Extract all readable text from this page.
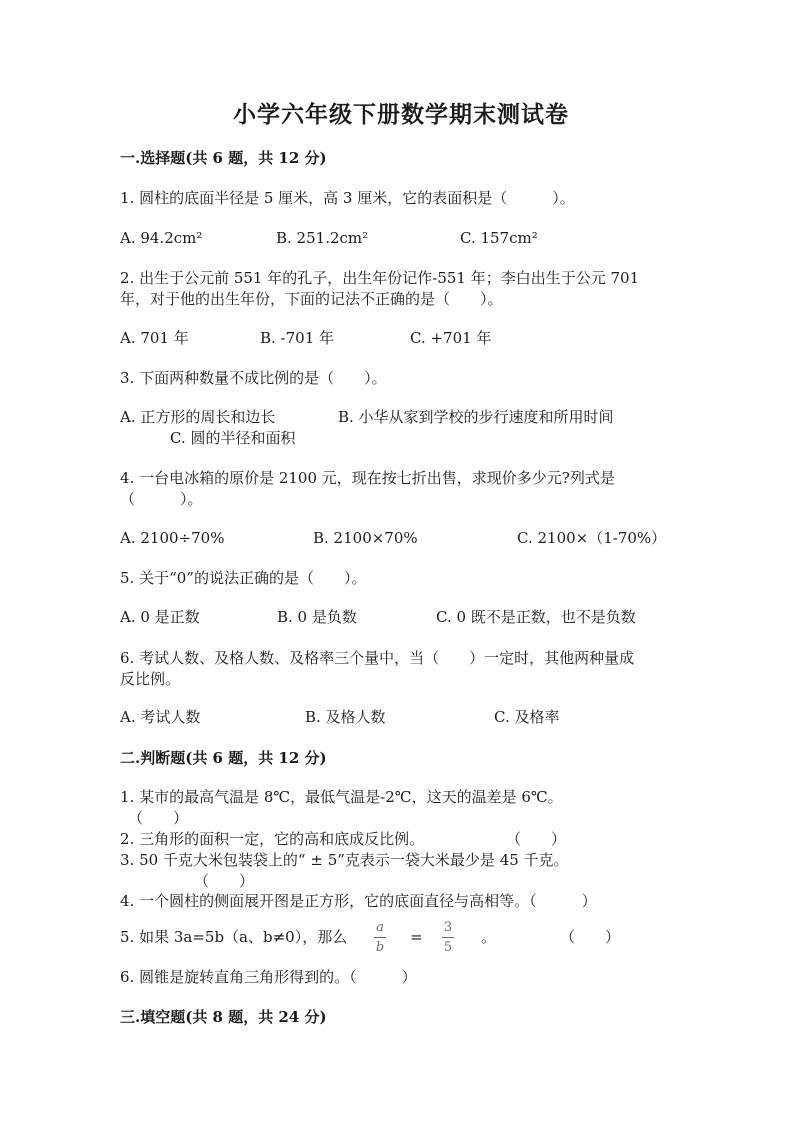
小学六年级下册数学期末测试卷
一.选择题(共 6 题，共 12 分)
1. 圆柱的底面半径是 5 厘米，高 3 厘米，它的表面积是（　　　）。
A. 94.2cm²	B. 251.2cm²	C. 157cm²
2. 出生于公元前 551 年的孔子，出生年份记作-551 年；李白出生于公元 701
年，对于他的出生年份，下面的记法不正确的是（　　）。
A. 701 年	B. -701 年	C. +701 年
3. 下面两种数量不成比例的是（　　）。
A. 正方形的周长和边长	B. 小华从家到学校的步行速度和所用时间
C. 圆的半径和面积
4. 一台电冰箱的原价是 2100 元，现在按七折出售，求现价多少元?列式是
（　　　）。
A. 2100÷70%	B. 2100×70%	C. 2100×（1-70%）
5. 关于“0”的说法正确的是（　　）。
A. 0 是正数	B. 0 是负数	C. 0 既不是正数，也不是负数
6. 考试人数、及格人数、及格率三个量中，当（　　）一定时，其他两种量成
反比例。
A. 考试人数	B. 及格人数	C. 及格率
二.判断题(共 6 题，共 12 分)
1. 某市的最高气温是 8℃，最低气温是-2℃，这天的温差是 6℃。
（　　）
2. 三角形的面积一定，它的高和底成反比例。	（　　）
3. 50 千克大米包装袋上的“ ± 5”克表示一袋大米最少是 45 千克。
（　　）
4. 一个圆柱的侧面展开图是正方形，它的底面直径与高相等。（　　　）
5. 如果 3a=5b（a、b≠0），那么
a
b
=
3
5
。	（　　）
6. 圆锥是旋转直角三角形得到的。（　　　）
三.填空题(共 8 题，共 24 分)
